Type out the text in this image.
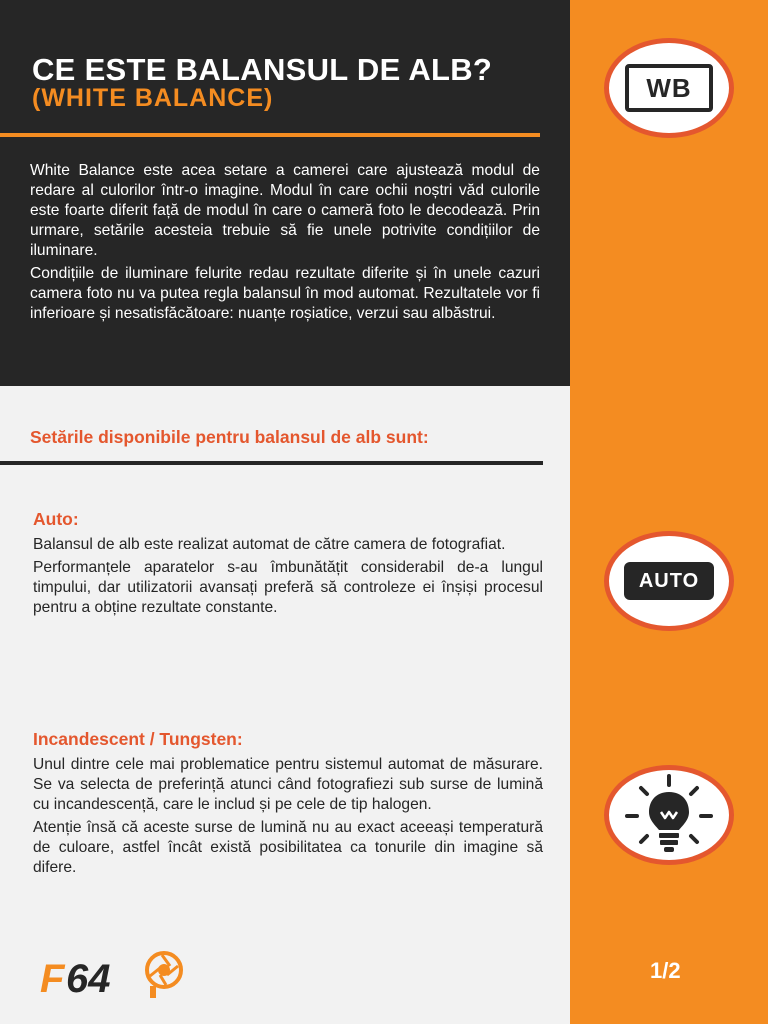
CE ESTE BALANSUL DE ALB?
(WHITE BALANCE)

White Balance este acea setare a camerei care ajustează modul de redare al culorilor într-o imagine. Modul în care ochii noștri văd culorile este foarte diferit față de modul în care o cameră foto le decodează. Prin urmare, setările acesteia trebuie să fie unele potrivite condițiilor de iluminare.

Condițiile de iluminare felurite redau rezultate diferite și în unele cazuri camera foto nu va putea regla balansul în mod automat. Rezultatele vor fi inferioare și nesatisfăcătoare: nuanțe roșiatice, verzui sau albăstrui.

Setările disponibile pentru balansul de alb sunt:
Auto:

Balansul de alb este realizat automat de către camera de fotografiat.

Performanțele aparatelor s-au îmbunătățit considerabil de-a lungul timpului, dar utilizatorii avansați preferă să controleze ei înșiși procesul pentru a obține rezultate constante.

Incandescent / Tungsten:

Unul dintre cele mai problematice pentru sistemul automat de măsurare. Se va selecta de preferință atunci când fotografiezi sub surse de lumină cu incandescență, care le includ și pe cele de tip halogen.

Atenție însă că aceste surse de lumină nu au exact aceeași temperatură de culoare, astfel încât există posibilitatea ca tonurile din imagine să difere.

WB
AUTO
F 64	1/2
